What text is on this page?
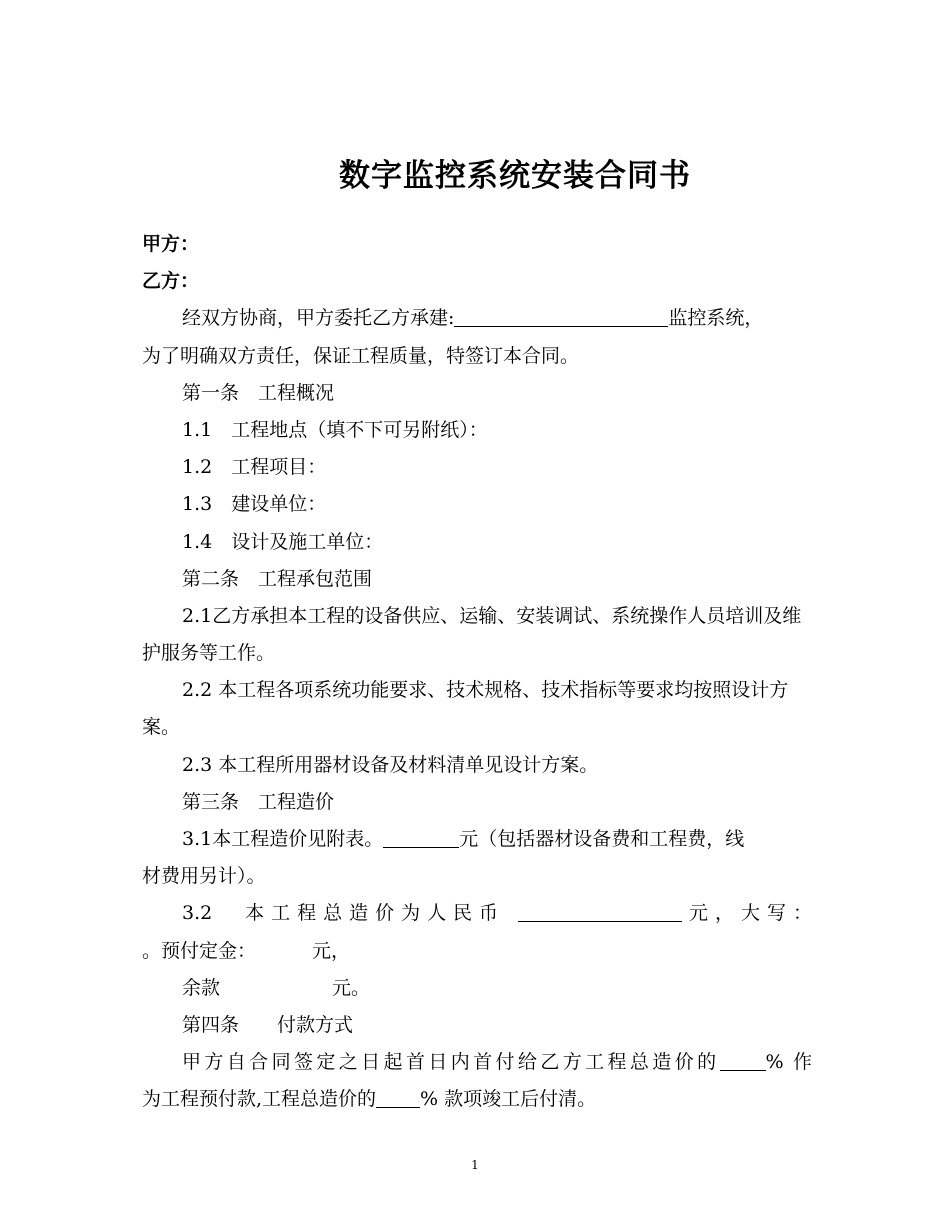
数字监控系统安装合同书
甲方：
乙方：
经双方协商，甲方委托乙方承建:	监控系统，
为了明确双方责任，保证工程质量，特签订本合同。
第一条　工程概况
1.1　工程地点（填不下可另附纸）：
1.2　工程项目：
1.3　建设单位：
1.4　设计及施工单位：
第二条　工程承包范围
2.1乙方承担本工程的设备供应、运输、安装调试、系统操作人员培训及维护服务等工作。
2.2 本工程各项系统功能要求、技术规格、技术指标等要求均按照设计方案。
2.3 本工程所用器材设备及材料清单见设计方案。
第三条　工程造价
3.1本工程造价见附表。	元（包括器材设备费和工程费，线
材费用另计）。
3.2　本工程总造价为人民币	元，大写：
。预付定金：	元，
余款	元。
第四条　　付款方式
甲方自合同签定之日起首日内首付给乙方工程总造价的 % 作
为工程预付款,工程总造价的 % 款项竣工后付清。
1
